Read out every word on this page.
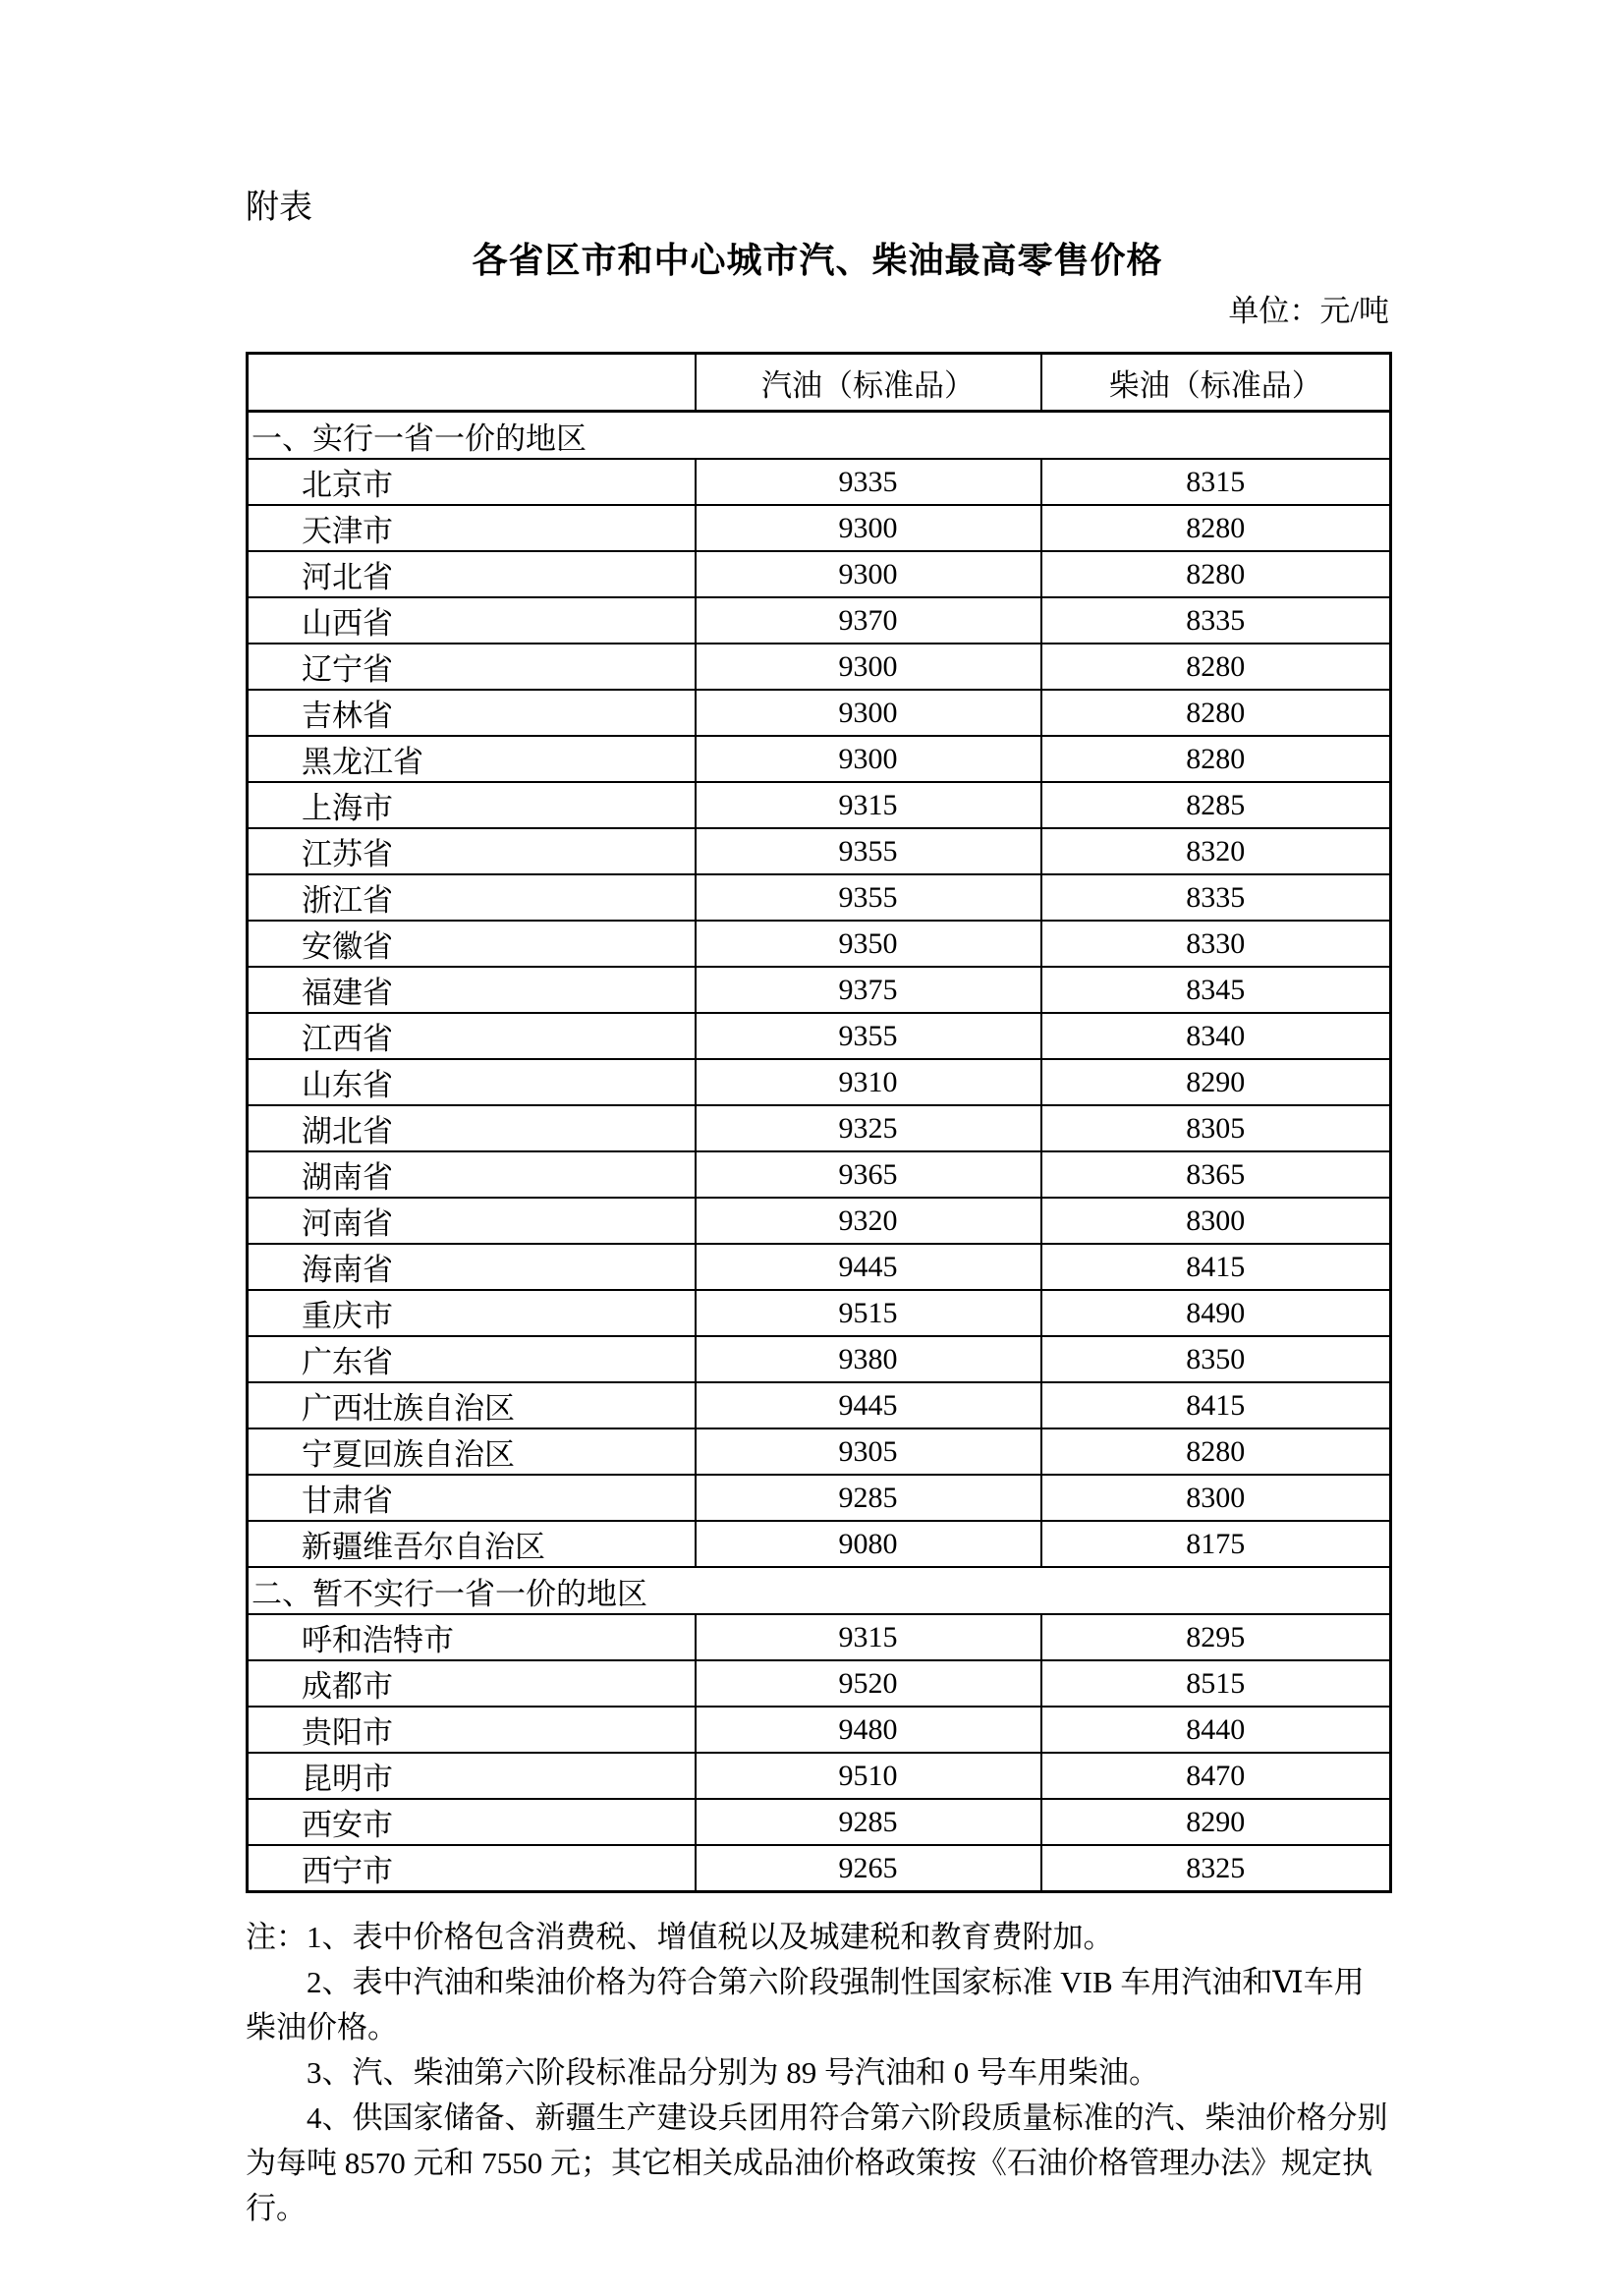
附表
各省区市和中心城市汽、柴油最高零售价格
单位：元/吨
	汽油（标准品）	柴油（标准品）
一、实行一省一价的地区		
北京市	9335	8315
天津市	9300	8280
河北省	9300	8280
山西省	9370	8335
辽宁省	9300	8280
吉林省	9300	8280
黑龙江省	9300	8280
上海市	9315	8285
江苏省	9355	8320
浙江省	9355	8335
安徽省	9350	8330
福建省	9375	8345
江西省	9355	8340
山东省	9310	8290
湖北省	9325	8305
湖南省	9365	8365
河南省	9320	8300
海南省	9445	8415
重庆市	9515	8490
广东省	9380	8350
广西壮族自治区	9445	8415
宁夏回族自治区	9305	8280
甘肃省	9285	8300
新疆维吾尔自治区	9080	8175
二、暂不实行一省一价的地区		
呼和浩特市	9315	8295
成都市	9520	8515
贵阳市	9480	8440
昆明市	9510	8470
西安市	9285	8290
西宁市	9265	8325

注：1、表中价格包含消费税、增值税以及城建税和教育费附加。

2、表中汽油和柴油价格为符合第六阶段强制性国家标准 VIB 车用汽油和Ⅵ车用柴油价格。

3、汽、柴油第六阶段标准品分别为 89 号汽油和 0 号车用柴油。

4、供国家储备、新疆生产建设兵团用符合第六阶段质量标准的汽、柴油价格分别为每吨 8570 元和 7550 元；其它相关成品油价格政策按《石油价格管理办法》规定执行。
